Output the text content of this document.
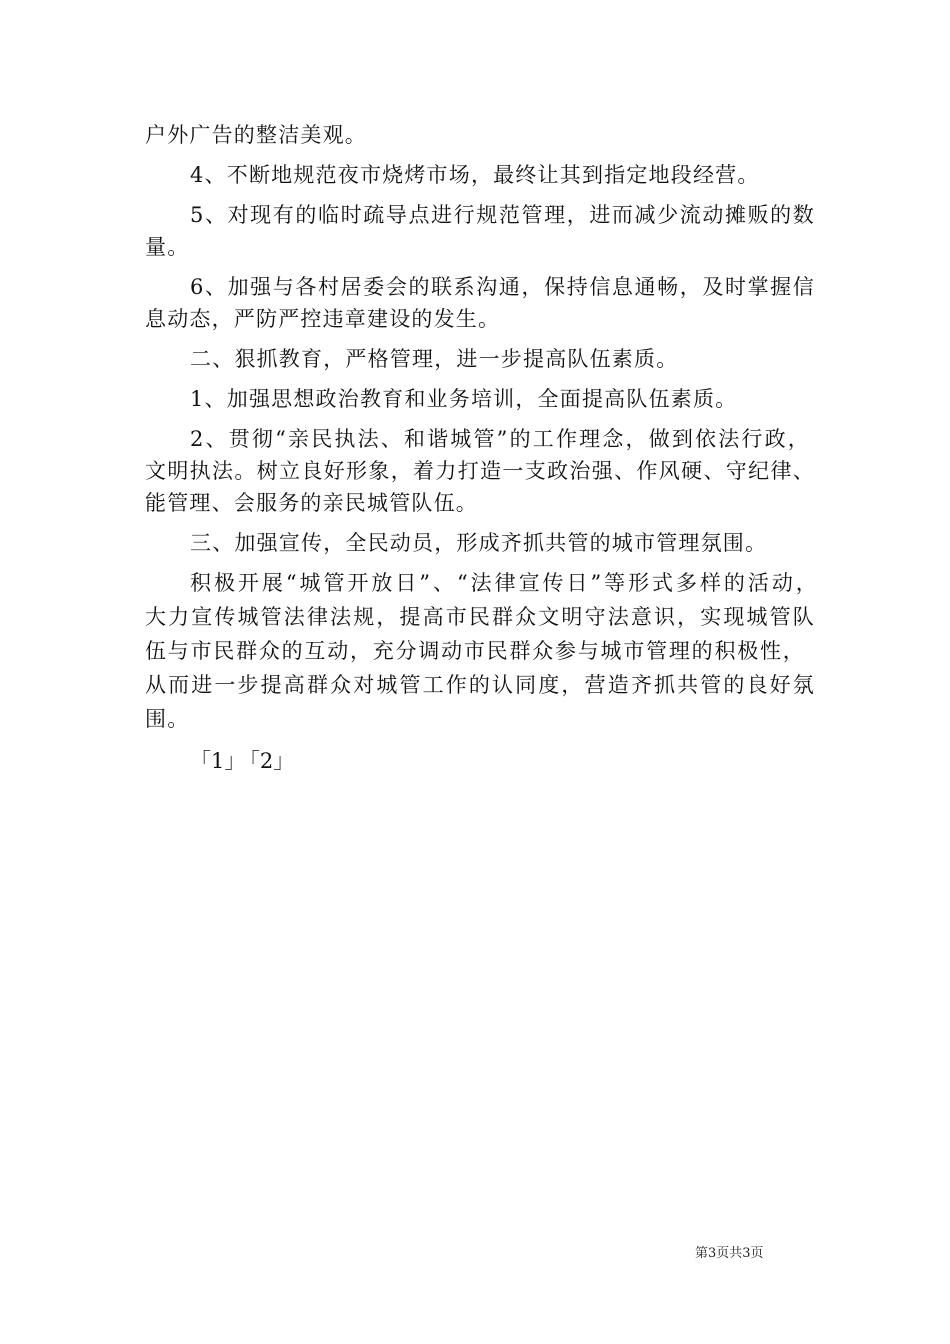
户外广告的整洁美观。
4、不断地规范夜市烧烤市场，最终让其到指定地段经营。
5、对现有的临时疏导点进行规范管理，进而减少流动摊贩的数
量。
6、加强与各村居委会的联系沟通，保持信息通畅，及时掌握信
息动态，严防严控违章建设的发生。
二、狠抓教育，严格管理，进一步提高队伍素质。
1、加强思想政治教育和业务培训，全面提高队伍素质。
2、贯彻“亲民执法、和谐城管”的工作理念，做到依法行政，
文明执法。树立良好形象，着力打造一支政治强、作风硬、守纪律、
能管理、会服务的亲民城管队伍。
三、加强宣传，全民动员，形成齐抓共管的城市管理氛围。
积极开展“城管开放日”、“法律宣传日”等形式多样的活动，
大力宣传城管法律法规，提高市民群众文明守法意识，实现城管队
伍与市民群众的互动，充分调动市民群众参与城市管理的积极性，
从而进一步提高群众对城管工作的认同度，营造齐抓共管的良好氛
围。
「1」 「2」
第3页共3页
